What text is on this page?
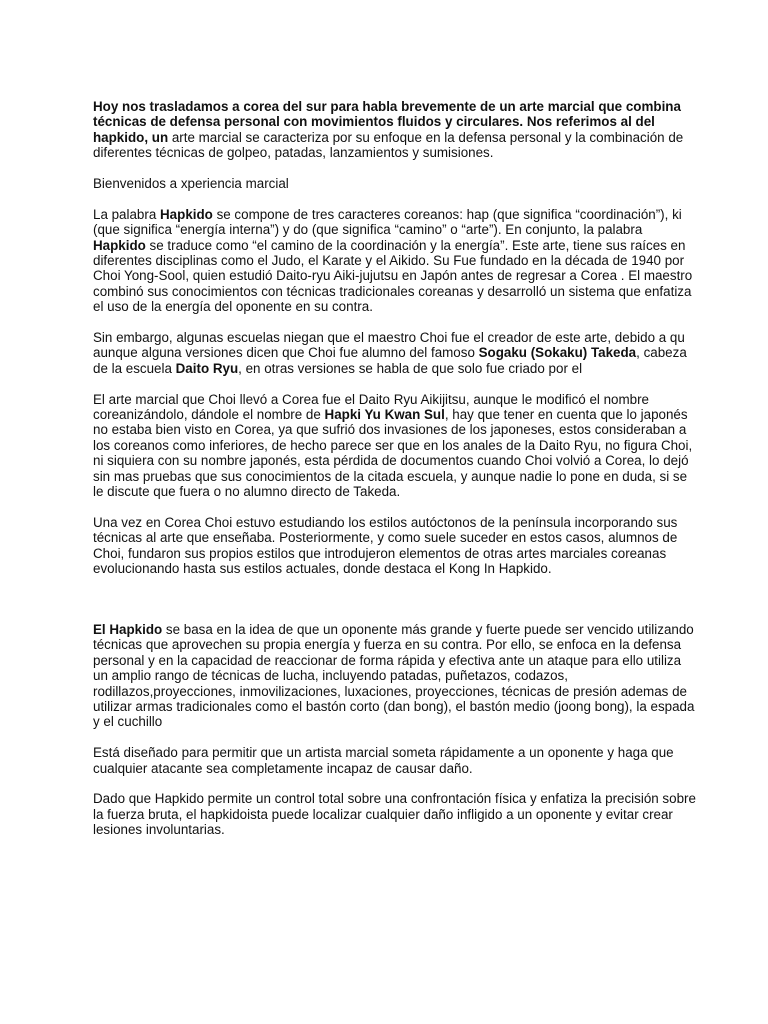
Hoy nos trasladamos a corea del sur para habla brevemente de un arte marcial que combina técnicas de defensa personal con movimientos fluidos y circulares. Nos referimos al del hapkido, un arte marcial se caracteriza por su enfoque en la defensa personal y la combinación de diferentes técnicas de golpeo, patadas, lanzamientos y sumisiones.

Bienvenidos a xperiencia marcial

La palabra Hapkido se compone de tres caracteres coreanos: hap (que significa “coordinación”), ki (que significa “energía interna”) y do (que significa “camino” o “arte”). En conjunto, la palabra Hapkido se traduce como “el camino de la coordinación y la energía”. Este arte, tiene sus raíces en diferentes disciplinas como el Judo, el Karate y el Aikido. Su Fue fundado en la década de 1940 por Choi Yong-Sool, quien estudió Daito-ryu Aiki-jujutsu en Japón antes de regresar a Corea . El maestro combinó sus conocimientos con técnicas tradicionales coreanas y desarrolló un sistema que enfatiza el uso de la energía del oponente en su contra.

Sin embargo, algunas escuelas niegan que el maestro Choi fue el creador de este arte, debido a qu aunque alguna versiones dicen que Choi fue alumno del famoso Sogaku (Sokaku) Takeda, cabeza de la escuela Daito Ryu, en otras versiones se habla de que solo fue criado por el

El arte marcial que Choi llevó a Corea fue el Daito Ryu Aikijitsu, aunque le modificó el nombre coreanizándolo, dándole el nombre de Hapki Yu Kwan Sul, hay que tener en cuenta que lo japonés no estaba bien visto en Corea, ya que sufrió dos invasiones de los japoneses, estos consideraban a los coreanos como inferiores, de hecho parece ser que en los anales de la Daito Ryu, no figura Choi, ni siquiera con su nombre japonés, esta pérdida de documentos cuando Choi volvió a Corea, lo dejó sin mas pruebas que sus conocimientos de la citada escuela, y aunque nadie lo pone en duda, si se le discute que fuera o no alumno directo de Takeda.

Una vez en Corea Choi estuvo estudiando los estilos autóctonos de la península incorporando sus técnicas al arte que enseñaba. Posteriormente, y como suele suceder en estos casos, alumnos de Choi, fundaron sus propios estilos que introdujeron elementos de otras artes marciales coreanas evolucionando hasta sus estilos actuales, donde destaca el Kong In Hapkido.

El Hapkido se basa en la idea de que un oponente más grande y fuerte puede ser vencido utilizando técnicas que aprovechen su propia energía y fuerza en su contra. Por ello, se enfoca en la defensa personal y en la capacidad de reaccionar de forma rápida y efectiva ante un ataque para ello utiliza un amplio rango de técnicas de lucha, incluyendo patadas, puñetazos, codazos, rodillazos,proyecciones, inmovilizaciones, luxaciones, proyecciones, técnicas de presión ademas de utilizar armas tradicionales como el bastón corto (dan bong), el bastón medio (joong bong), la espada y el cuchillo

Está diseñado para permitir que un artista marcial someta rápidamente a un oponente y haga que cualquier atacante sea completamente incapaz de causar daño.

Dado que Hapkido permite un control total sobre una confrontación física y enfatiza la precisión sobre la fuerza bruta, el hapkidoista puede localizar cualquier daño infligido a un oponente y evitar crear lesiones involuntarias.
